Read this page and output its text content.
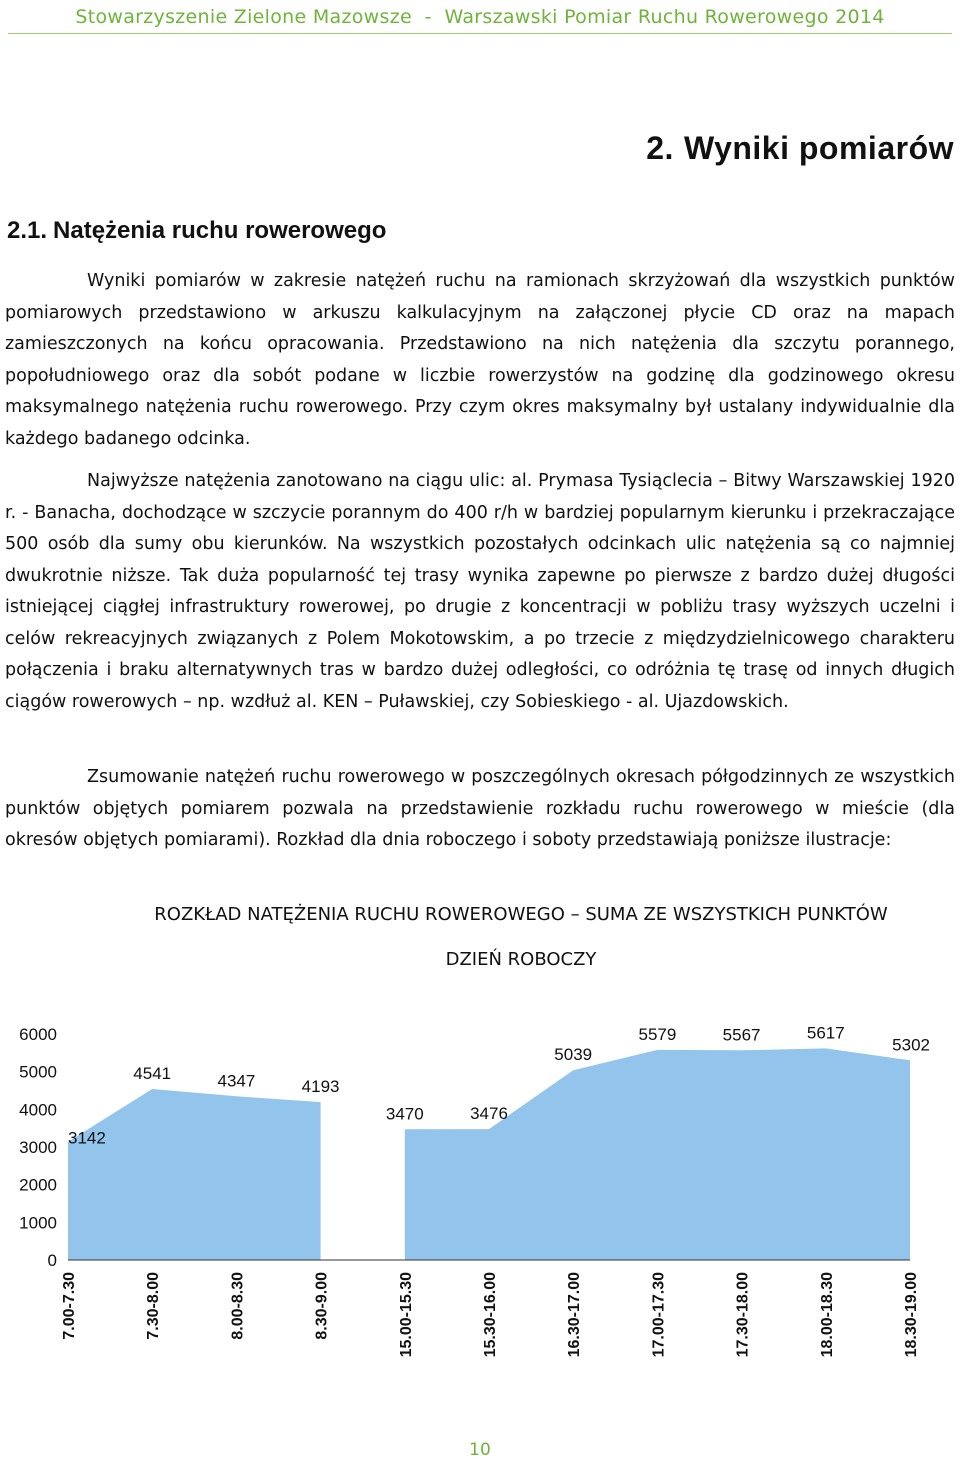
Stowarzyszenie Zielone Mazowsze  -  Warszawski Pomiar Ruchu Rowerowego 2014
2. Wyniki pomiarów
2.1. Natężenia ruchu rowerowego

Wyniki pomiarów w zakresie natężeń ruchu na ramionach skrzyżowań dla wszystkich punktów pomiarowych przedstawiono w arkuszu kalkulacyjnym na załączonej płycie CD oraz na mapach zamieszczonych na końcu opracowania. Przedstawiono na nich natężenia dla szczytu porannego, popołudniowego oraz dla sobót podane w liczbie rowerzystów na godzinę dla godzinowego okresu maksymalnego natężenia ruchu rowerowego. Przy czym okres maksymalny był ustalany indywidualnie dla każdego badanego odcinka.

Najwyższe natężenia zanotowano na ciągu ulic: al. Prymasa Tysiąclecia – Bitwy Warszawskiej 1920 r. - Banacha, dochodzące w szczycie porannym do 400 r/h w bardziej popularnym kierunku i przekraczające 500 osób dla sumy obu kierunków. Na wszystkich pozostałych odcinkach ulic natężenia są co najmniej dwukrotnie niższe. Tak duża popularność tej trasy wynika zapewne po pierwsze z bardzo dużej długości istniejącej ciągłej infrastruktury rowerowej, po drugie z koncentracji w pobliżu trasy wyższych uczelni i celów rekreacyjnych związanych z Polem Mokotowskim, a po trzecie z międzydzielnicowego charakteru połączenia i braku alternatywnych tras w bardzo dużej odległości, co odróżnia tę trasę od innych długich ciągów rowerowych – np. wzdłuż al. KEN – Puławskiej, czy Sobieskiego - al. Ujazdowskich.

Zsumowanie natężeń ruchu rowerowego w poszczególnych okresach półgodzinnych ze wszystkich punktów objętych pomiarem pozwala na przedstawienie rozkładu ruchu rowerowego w mieście (dla okresów objętych pomiarami). Rozkład dla dnia roboczego i soboty przedstawiają poniższe ilustracje:

ROZKŁAD NATĘŻENIA RUCHU ROWEROWEGO – SUMA ZE WSZYSTKICH PUNKTÓW
DZIEŃ ROBOCZY
0
1000
2000
3000
4000
5000
6000
7.00-7.30	7.30-8.00	8.00-8.30	8.30-9.00	15.00-15.30	15.30-16.00	16.30-17.00	17.00-17.30	17.30-18.00	18.00-18.30	18.30-19.00
3142
4541	4347	4193
3470	3476
5039
5579	5567	5617
5302
10
